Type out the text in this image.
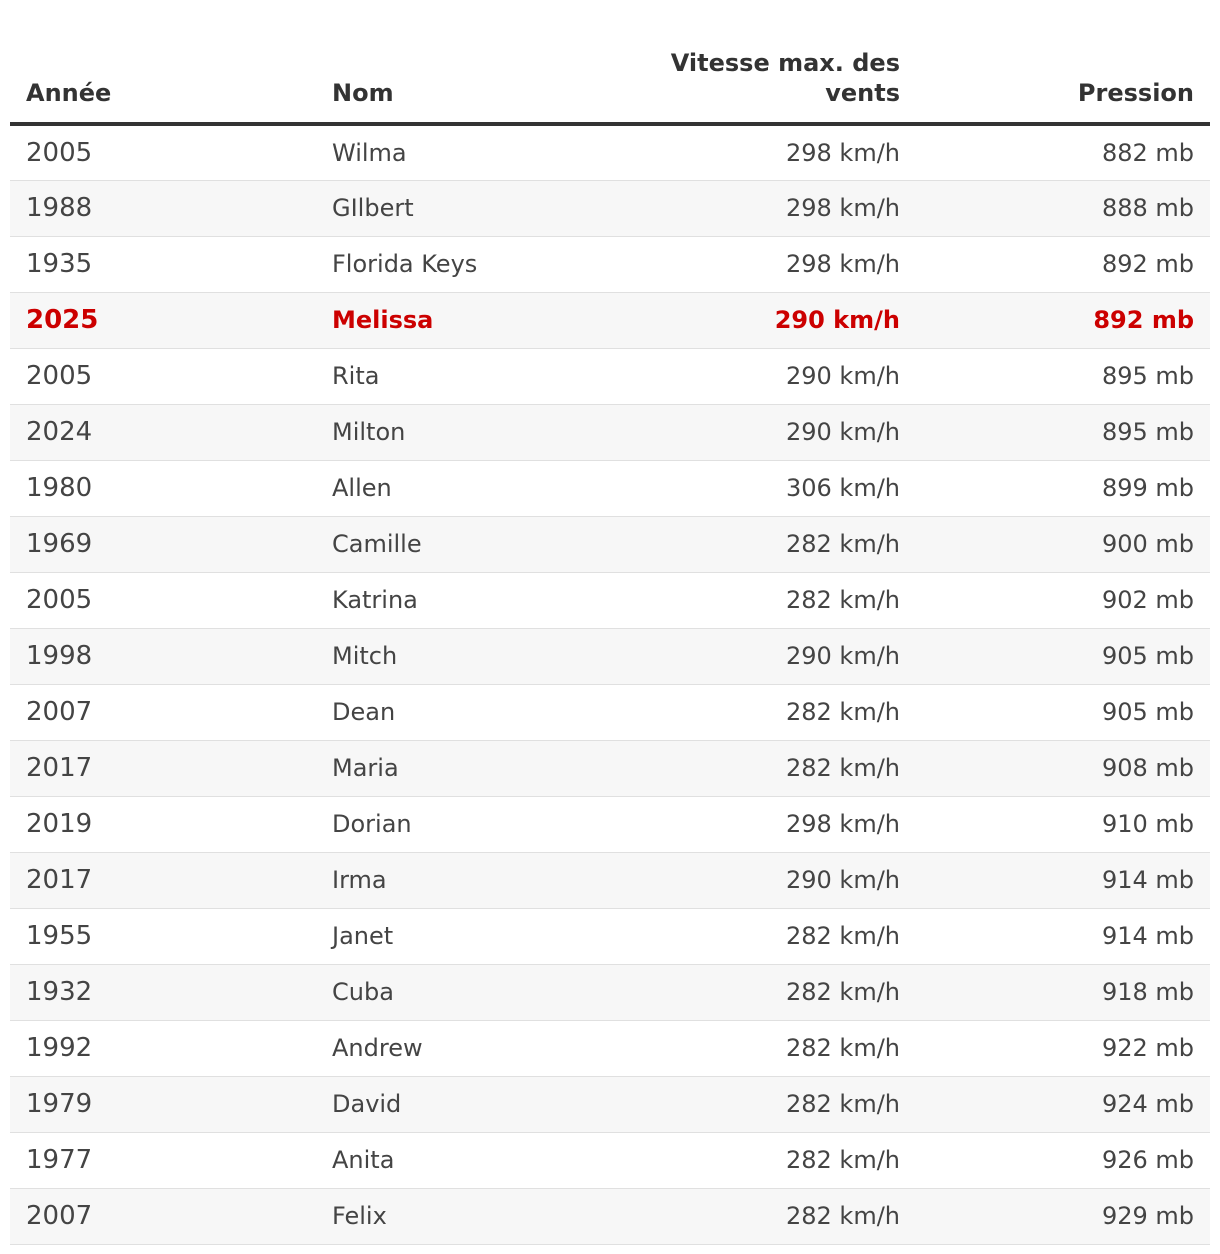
Année	Nom	Vitesse max. des vents	Pression
2005	Wilma	298 km/h	882 mb
1988	GIlbert	298 km/h	888 mb
1935	Florida Keys	298 km/h	892 mb
2025	Melissa	290 km/h	892 mb
2005	Rita	290 km/h	895 mb
2024	Milton	290 km/h	895 mb
1980	Allen	306 km/h	899 mb
1969	Camille	282 km/h	900 mb
2005	Katrina	282 km/h	902 mb
1998	Mitch	290 km/h	905 mb
2007	Dean	282 km/h	905 mb
2017	Maria	282 km/h	908 mb
2019	Dorian	298 km/h	910 mb
2017	Irma	290 km/h	914 mb
1955	Janet	282 km/h	914 mb
1932	Cuba	282 km/h	918 mb
1992	Andrew	282 km/h	922 mb
1979	David	282 km/h	924 mb
1977	Anita	282 km/h	926 mb
2007	Felix	282 km/h	929 mb
